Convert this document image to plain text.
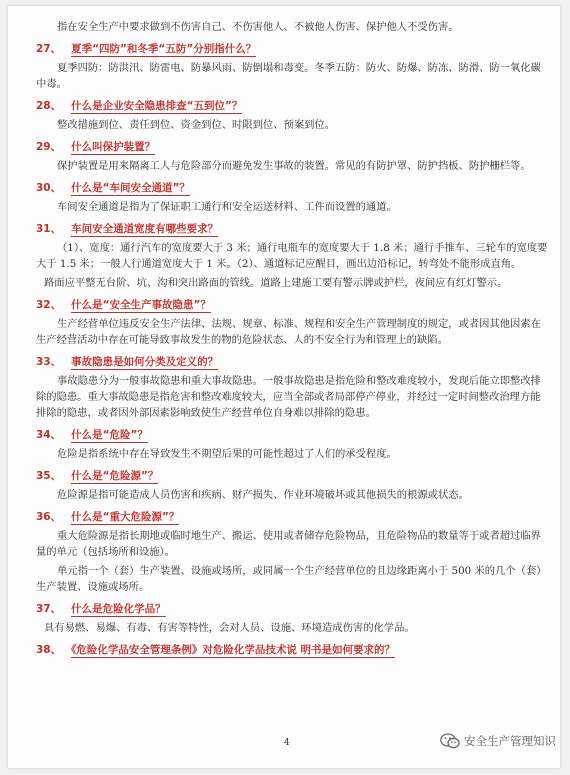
指在安全生产中要求做到不伤害自己、不伤害他人、不被他人伤害、保护他人不受伤害。

27、 夏季“四防”和冬季“五防”分别指什么？

夏季四防：防洪汛、防雷电、防暴风雨、防倒塌和毒变。冬季五防：防火、防爆、防冻、防滑、防一氧化碳中毒。

28、 什么是企业安全隐患排查“五到位”？

整改措施到位、责任到位、资金到位、时限到位、预案到位。

29、 什么叫保护装置？

保护装置是用来隔离工人与危险部分而避免发生事故的装置。常见的有防护罩、防护挡板、防护栅栏等。

30、 什么是“车间安全通道”？

车间安全通道是指为了保证职工通行和安全运送材料、工件而设置的通道。

31、 车间安全通道宽度有哪些要求？

（1）、宽度：通行汽车的宽度要大于 3 米；通行电瓶车的宽度要大于 1.8 米；通行手推车、三轮车的宽度要大于 1.5 米；一般人行通道宽度大于 1 米。（2）、通道标记应醒目，画出边沿标记，转弯处不能形成直角。

路面应平整无台阶、坑、沟和突出路面的管线。道路上建施工要有警示牌或护栏，夜间应有红灯警示。

32、 什么是“安全生产事故隐患”？

生产经营单位违反安全生产法律、法规、规章、标准、规程和安全生产管理制度的规定，或者因其他因素在生产经营活动中存在可能导致事故发生的物的危险状态、人的不安全行为和管理上的缺陷。

33、 事故隐患是如何分类及定义的？

事故隐患分为一般事故隐患和重大事故隐患。一般事故隐患是指危险和整改难度较小，发现后能立即整改排除的隐患。重大事故隐患是指危害和整改难度较大，应当全部或者局部停产停业，并经过一定时间整改治理方能排除的隐患，或者因外部因素影响致使生产经营单位自身难以排除的隐患。

34、 什么是“危险”？

危险是指系统中存在导致发生不期望后果的可能性超过了人们的承受程度。

35、 什么是“危险源”？

危险源是指可能造成人员伤害和疾病、财产损失、作业环境破坏或其他损失的根源或状态。

36、 什么是“重大危险源”？

重大危险源是指长期地或临时地生产、搬运、使用或者储存危险物品，且危险物品的数量等于或者超过临界量的单元（包括场所和设施）。

单元指一个（套）生产装置、设施或场所，或同属一个生产经营单位的且边缘距离小于 500 米的几个（套）生产装置、设施或场所。

37、 什么是危险化学品？

具有易燃、易爆、有毒、有害等特性，会对人员、设施、环境造成伤害的化学品。

38、 《危险化学品安全管理条例》对危险化学品技术说 明书是如何要求的？
4	安全生产管理知识
